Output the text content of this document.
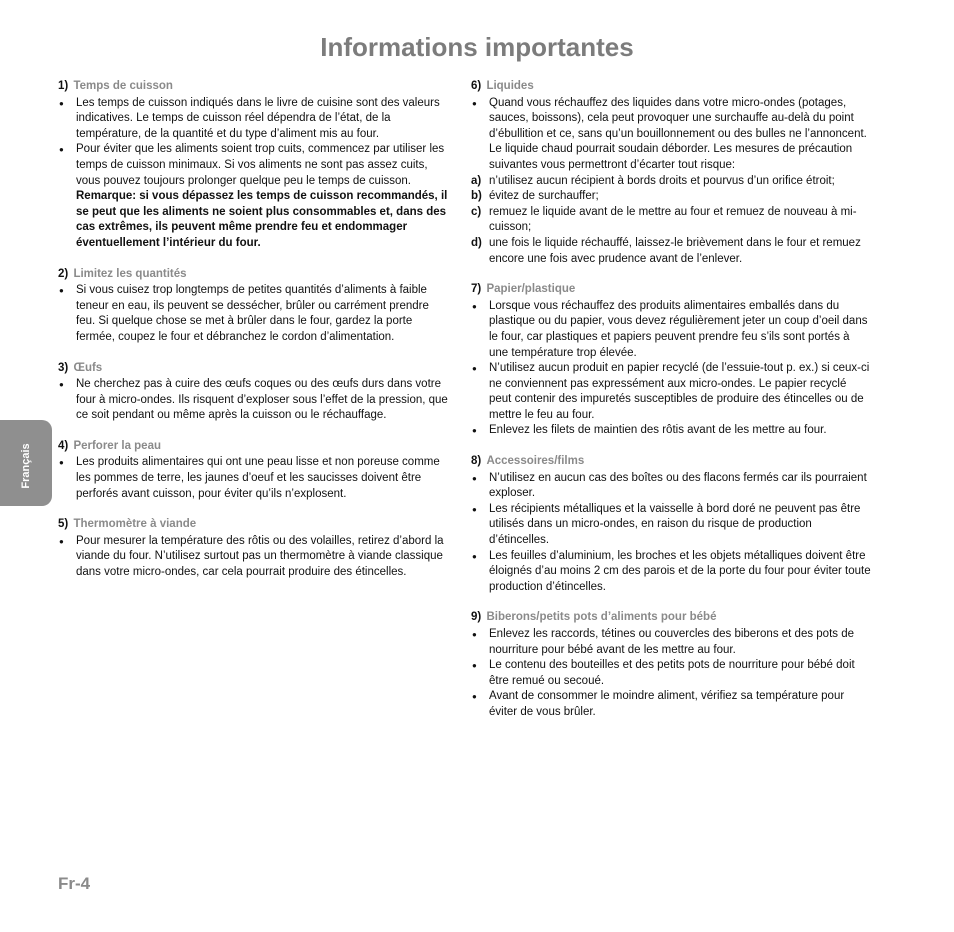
Informations importantes
Français
1) Temps de cuisson
● Les temps de cuisson indiqués dans le livre de cuisine sont des valeurs indicatives. Le temps de cuisson réel dépendra de l’état, de la température, de la quantité et du type d’aliment mis au four.
● Pour éviter que les aliments soient trop cuits, commencez par utiliser les temps de cuisson minimaux. Si vos aliments ne sont pas assez cuits, vous pouvez toujours prolonger quelque peu le temps de cuisson.
Remarque: si vous dépassez les temps de cuisson recommandés, il se peut que les aliments ne soient plus consommables et, dans des cas extrêmes, ils peuvent même prendre feu et endommager éventuellement l’intérieur du four.
2) Limitez les quantités
● Si vous cuisez trop longtemps de petites quantités d’aliments à faible teneur en eau, ils peuvent se dessécher, brûler ou carrément prendre feu. Si quelque chose se met à brûler dans le four, gardez la porte fermée, coupez le four et débranchez le cordon d’alimentation.
3) Œufs
● Ne cherchez pas à cuire des œufs coques ou des œufs durs dans votre four à micro-ondes. Ils risquent d’exploser sous l’effet de la pression, que ce soit pendant ou même après la cuisson ou le réchauffage.
4) Perforer la peau
● Les produits alimentaires qui ont une peau lisse et non poreuse comme les pommes de terre, les jaunes d’oeuf et les saucisses doivent être perforés avant cuisson, pour éviter qu’ils n’explosent.
5) Thermomètre à viande
● Pour mesurer la température des rôtis ou des volailles, retirez d’abord la viande du four. N’utilisez surtout pas un thermomètre à viande classique dans votre micro-ondes, car cela pourrait produire des étincelles.
6) Liquides
● Quand vous réchauffez des liquides dans votre micro-ondes (potages, sauces, boissons), cela peut provoquer une surchauffe au-delà du point d’ébullition et ce, sans qu’un bouillonnement ou des bulles ne l’annoncent. Le liquide chaud pourrait soudain déborder. Les mesures de précaution suivantes vous permettront d’écarter tout risque:
a) n’utilisez aucun récipient à bords droits et pourvus d’un orifice étroit;
b) évitez de surchauffer;
c) remuez le liquide avant de le mettre au four et remuez de nouveau à mi-cuisson;
d) une fois le liquide réchauffé, laissez-le brièvement dans le four et remuez encore une fois avec prudence avant de l’enlever.
7) Papier/plastique
● Lorsque vous réchauffez des produits alimentaires emballés dans du plastique ou du papier, vous devez régulièrement jeter un coup d’oeil dans le four, car plastiques et papiers peuvent prendre feu s’ils sont portés à une température trop élevée.
● N’utilisez aucun produit en papier recyclé (de l’essuie-tout p. ex.) si ceux-ci ne conviennent pas expressément aux micro-ondes. Le papier recyclé peut contenir des impuretés susceptibles de produire des étincelles ou de mettre le feu au four.
● Enlevez les filets de maintien des rôtis avant de les mettre au four.
8) Accessoires/films
● N’utilisez en aucun cas des boîtes ou des flacons fermés car ils pourraient exploser.
● Les récipients métalliques et la vaisselle à bord doré ne peuvent pas être utilisés dans un micro-ondes, en raison du risque de production d’étincelles.
● Les feuilles d’aluminium, les broches et les objets métalliques doivent être éloignés d’au moins 2 cm des parois et de la porte du four pour éviter toute production d’étincelles.
9) Biberons/petits pots d’aliments pour bébé
● Enlevez les raccords, tétines ou couvercles des biberons et des pots de nourriture pour bébé avant de les mettre au four.
● Le contenu des bouteilles et des petits pots de nourriture pour bébé doit être remué ou secoué.
● Avant de consommer le moindre aliment, vérifiez sa température pour éviter de vous brûler.
Fr-4
